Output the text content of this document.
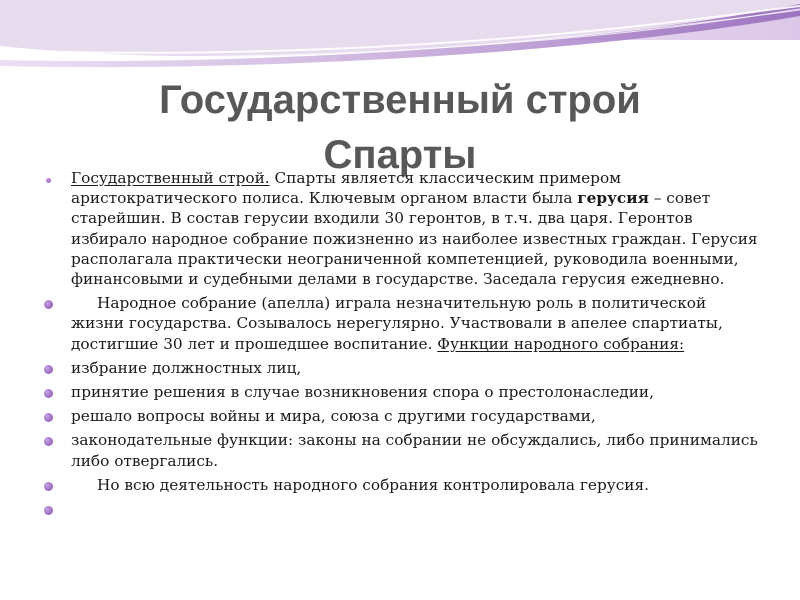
Государственный строй
Спарты

Государственный строй. Спарты является классическим примером аристократического полиса. Ключевым органом власти была герусия – совет старейшин. В состав герусии входили 30 геронтов, в т.ч. два царя. Геронтов избирало народное собрание пожизненно из наиболее известных граждан. Герусия располагала практически неограниченной компетенцией, руководила военными, финансовыми и судебными делами в государстве. Заседала герусия ежедневно.

Народное собрание (апелла) играла незначительную роль в политической жизни государства. Созывалось нерегулярно. Участвовали в апелее спартиаты, достигшие 30 лет и прошедшее воспитание. Функции народного собрания:

избрание должностных лиц,

принятие решения в случае возникновения спора о престолонаследии,

решало вопросы войны и мира, союза с другими государствами,

законодательные функции: законы на собрании не обсуждались, либо принимались либо отвергались.

Но всю деятельность народного собрания контролировала герусия.
